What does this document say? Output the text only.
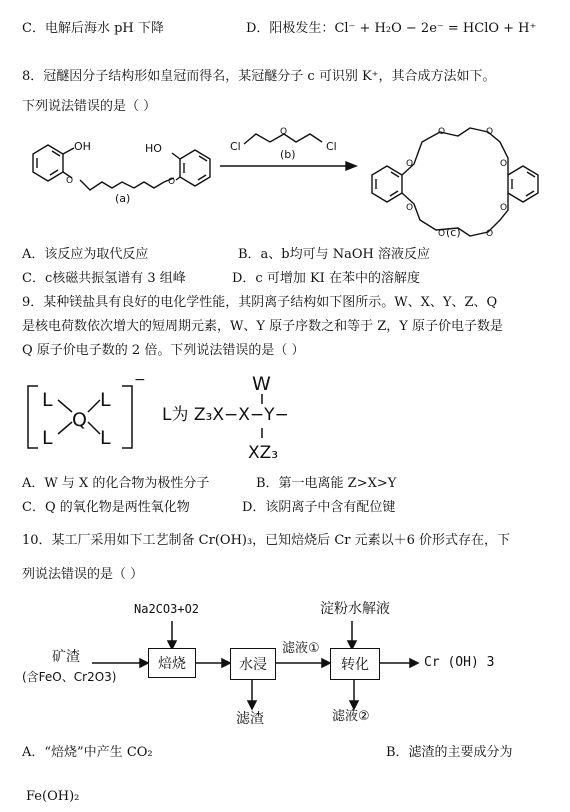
C．电解后海水 pH 下降	D．阳极发生：Cl⁻ + H₂O − 2e⁻ = HClO + H⁺
8．冠醚因分子结构形如皇冠而得名，某冠醚分子 c 可识别 K⁺，其合成方法如下。
下列说法错误的是（ ）
OH	HO
O	O
(a)
Cl	Cl
O
(b)
O
O	O
O
O
O	O
O
(c)
A．该反应为取代反应	B．a、b均可与 NaOH 溶液反应
C．c核磁共振氢谱有 3 组峰	D．c 可增加 KI 在苯中的溶解度
9．某种镁盐具有良好的电化学性能，其阴离子结构如下图所示。W、X、Y、Z、Q
是核电荷数依次增大的短周期元素，W、Y 原子序数之和等于 Z，Y 原子价电子数是
Q 原子价电子数的 2 倍。下列说法错误的是（ ）
L L
Q
L L
−
L为 Z₃X−X−Y−
W
XZ₃
A．W 与 X 的化合物为极性分子	B．第一电离能 Z>X>Y
C．Q 的氧化物是两性氧化物	D．该阴离子中含有配位键
10．某工厂采用如下工艺制备 Cr(OH)₃，已知焙烧后 Cr 元素以＋6 价形式存在，下
列说法错误的是（ ）
Na2CO3+O2	淀粉水解液
矿渣
(含FeO、Cr2O3)
焙烧	水浸
滤液①
转化	Cr (OH) 3
滤渣	滤液②
A．“焙烧”中产生 CO₂	B．滤渣的主要成分为
Fe(OH)₂
